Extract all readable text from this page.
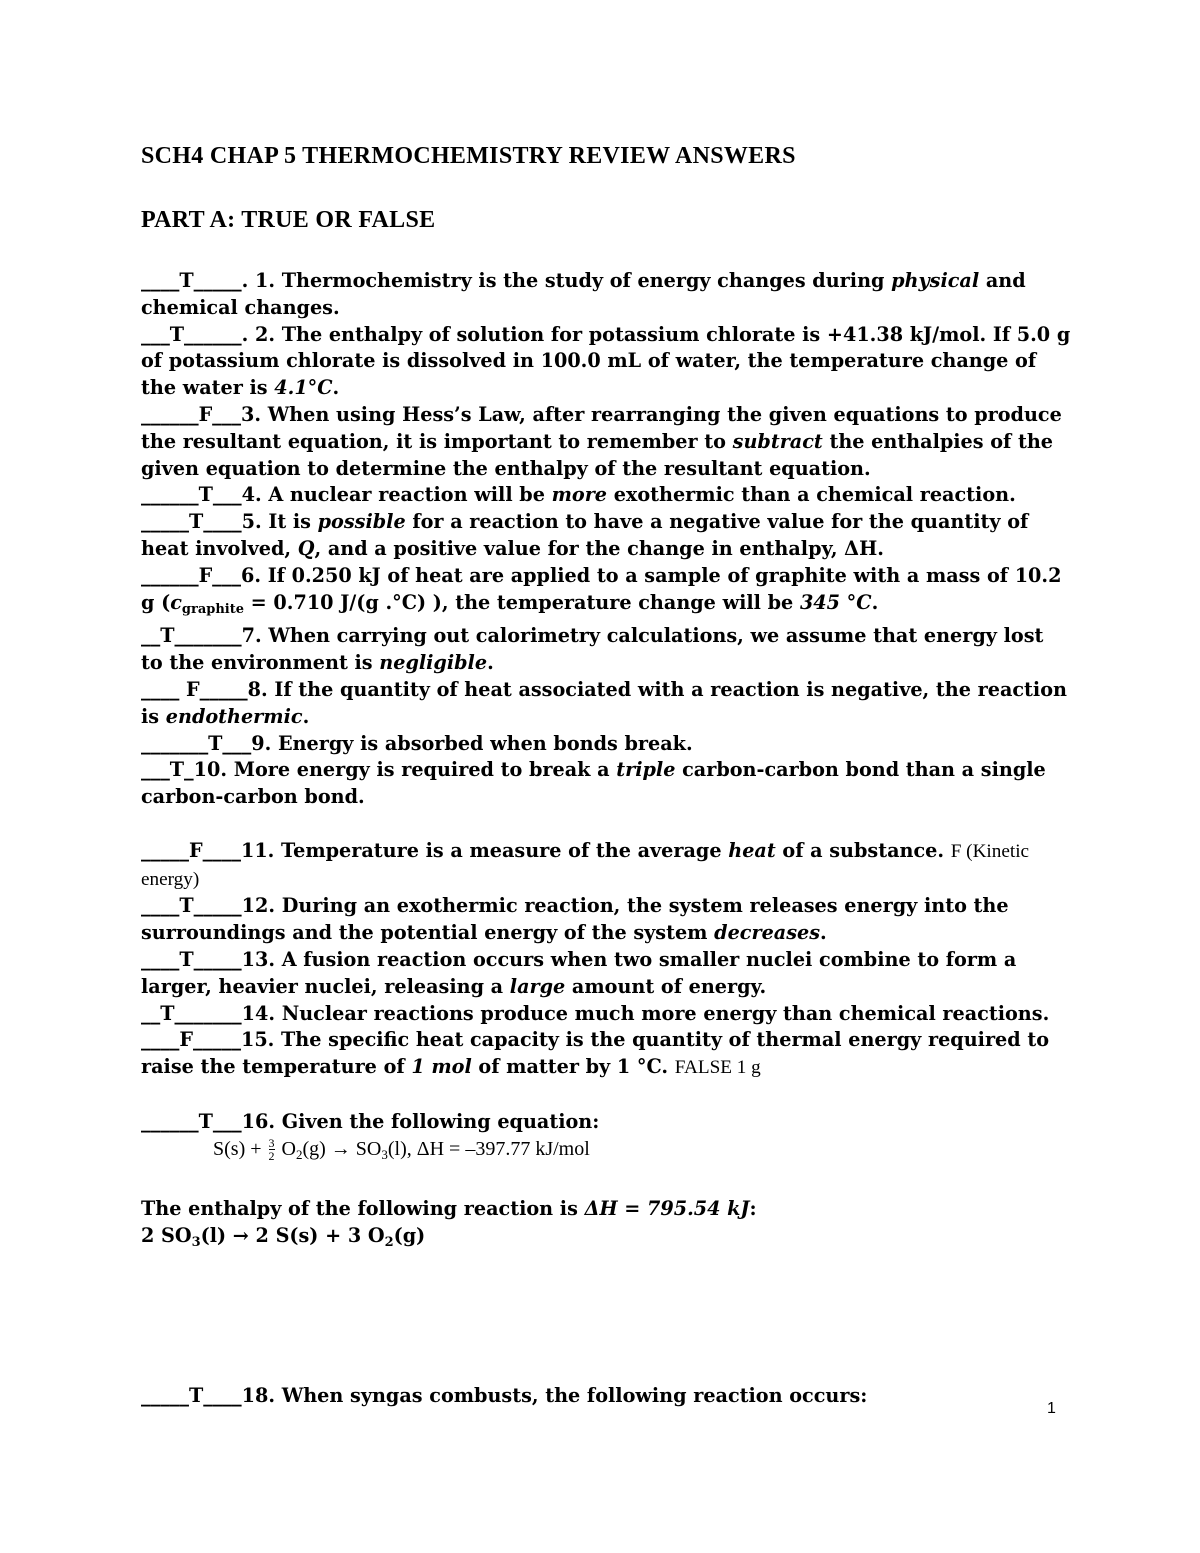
SCH4 CHAP 5 THERMOCHEMISTRY REVIEW ANSWERS
PART A: TRUE OR FALSE

____T_____. 1. Thermochemistry is the study of energy changes during physical and chemical changes.

___T______. 2. The enthalpy of solution for potassium chlorate is +41.38 kJ/mol. If 5.0 g of potassium chlorate is dissolved in 100.0 mL of water, the temperature change of the water is 4.1°C.

______F___3. When using Hess’s Law, after rearranging the given equations to produce the resultant equation, it is important to remember to subtract the enthalpies of the given equation to determine the enthalpy of the resultant equation.

______T___4. A nuclear reaction will be more exothermic than a chemical reaction.

_____T____5. It is possible for a reaction to have a negative value for the quantity of heat involved, Q, and a positive value for the change in enthalpy, ΔH.

______F___6. If 0.250 kJ of heat are applied to a sample of graphite with a mass of 10.2 g ($c_{graphite} = 0.710$ J/(g .°C) ), the temperature change will be 345 °C.

__T_______7. When carrying out calorimetry calculations, we assume that energy lost to the environment is negligible.

____ F_____8. If the quantity of heat associated with a reaction is negative, the reaction is endothermic.

_______T___9. Energy is absorbed when bonds break.

___T_10. More energy is required to break a triple carbon-carbon bond than a single carbon-carbon bond.

_____F____11. Temperature is a measure of the average heat of a substance. F (Kinetic energy)

____T_____12. During an exothermic reaction, the system releases energy into the surroundings and the potential energy of the system decreases.

____T_____13. A fusion reaction occurs when two smaller nuclei combine to form a larger, heavier nuclei, releasing a large amount of energy.

__T_______14. Nuclear reactions produce much more energy than chemical reactions.

____F_____15. The specific heat capacity is the quantity of thermal energy required to raise the temperature of 1 mol of matter by 1 °C. FALSE 1 g

______T___16. Given the following equation:

$S(s) + \frac{3}{2} O_2(g) \to SO_3(l)$, ΔH = –397.77 kJ/mol

The enthalpy of the following reaction is ΔH = 795.54 kJ:

2 $SO_3(l) \to 2$ S(s) + 3 $O_2(g)$

_____T____18. When syngas combusts, the following reaction occurs:

1
